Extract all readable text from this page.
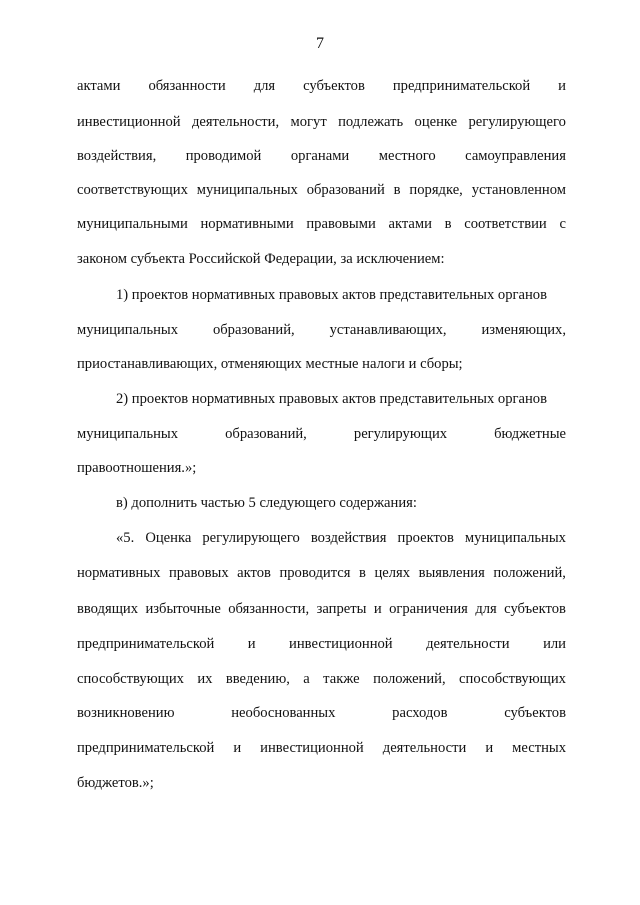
7
актами обязанности для субъектов предпринимательской и
инвестиционной деятельности, могут подлежать оценке регулирующего
воздействия, проводимой органами местного самоуправления
соответствующих муниципальных образований в порядке, установленном
муниципальными нормативными правовыми актами в соответствии с
законом субъекта Российской Федерации, за исключением:
1) проектов нормативных правовых актов представительных органов
муниципальных образований, устанавливающих, изменяющих,
приостанавливающих, отменяющих местные налоги и сборы;
2) проектов нормативных правовых актов представительных органов
муниципальных	образований,	регулирующих	бюджетные
правоотношения.»;
в) дополнить частью 5 следующего содержания:
«5. Оценка регулирующего воздействия проектов муниципальных
нормативных правовых актов проводится в целях выявления положений,
вводящих избыточные обязанности, запреты и ограничения для субъектов
предпринимательской и инвестиционной деятельности или
способствующих их введению, а также положений, способствующих
возникновению	необоснованных	расходов	субъектов
предпринимательской и инвестиционной деятельности и местных
бюджетов.»;
